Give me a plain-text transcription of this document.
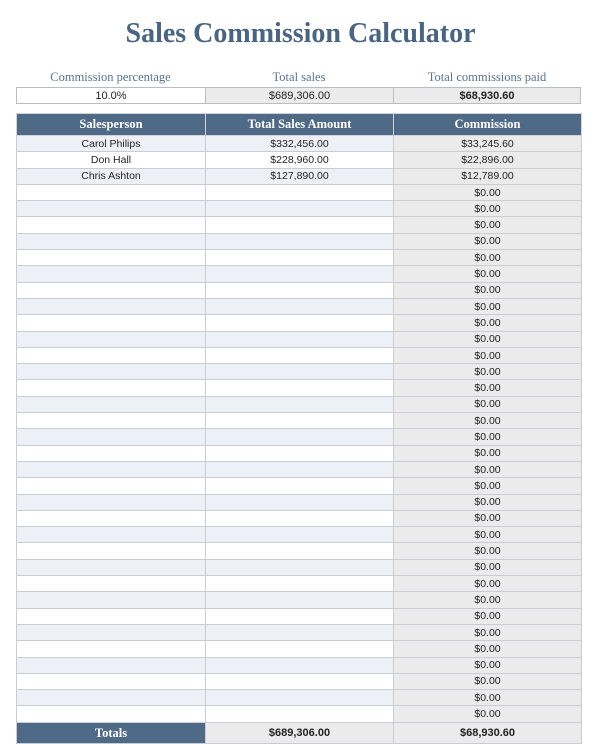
Sales Commission Calculator
Commission percentage	Total sales	Total commissions paid
10.0%	$689,306.00	$68,930.60
Salesperson	Total Sales Amount	Commission
Carol Philips	$332,456.00	$33,245.60
Don Hall	$228,960.00	$22,896.00
Chris Ashton	$127,890.00	$12,789.00
		$0.00
		$0.00
		$0.00
		$0.00
		$0.00
		$0.00
		$0.00
		$0.00
		$0.00
		$0.00
		$0.00
		$0.00
		$0.00
		$0.00
		$0.00
		$0.00
		$0.00
		$0.00
		$0.00
		$0.00
		$0.00
		$0.00
		$0.00
		$0.00
		$0.00
		$0.00
		$0.00
		$0.00
		$0.00
		$0.00
		$0.00
		$0.00
		$0.00
Totals	$689,306.00	$68,930.60
